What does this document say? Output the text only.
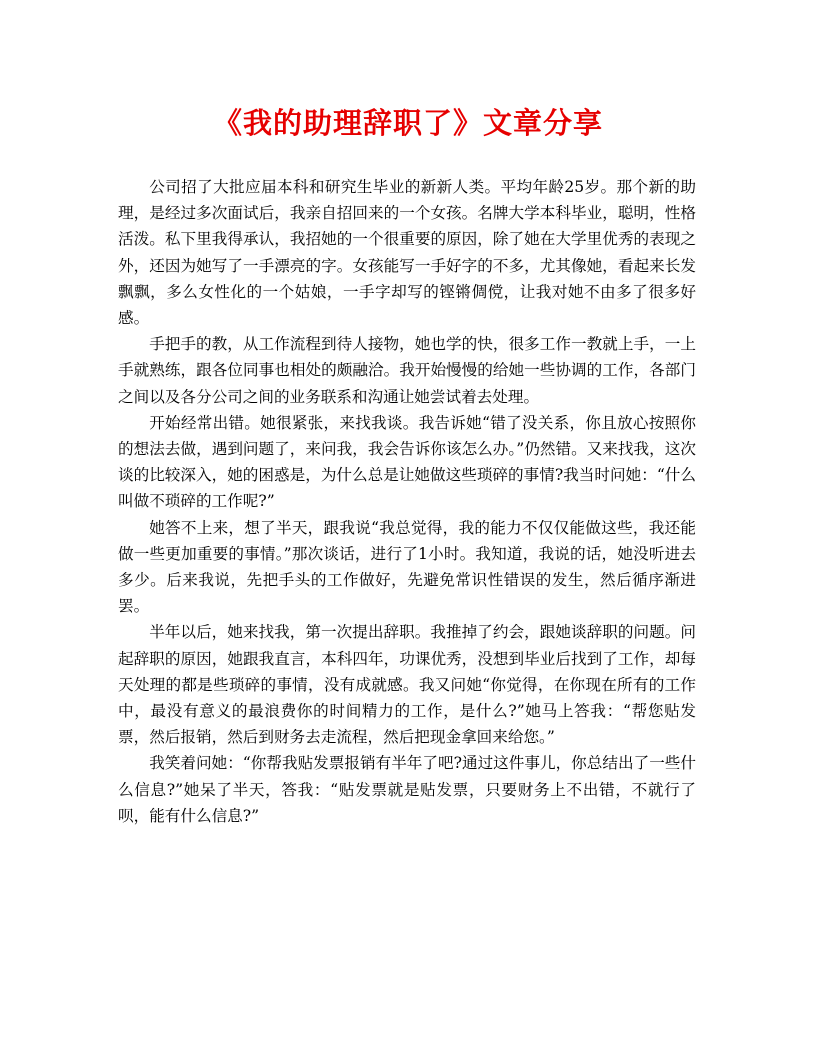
《我的助理辞职了》文章分享

公司招了大批应届本科和研究生毕业的新新人类。平均年龄25岁。那个新的助理，是经过多次面试后，我亲自招回来的一个女孩。名牌大学本科毕业，聪明，性格活泼。私下里我得承认，我招她的一个很重要的原因，除了她在大学里优秀的表现之外，还因为她写了一手漂亮的字。女孩能写一手好字的不多，尤其像她，看起来长发飘飘，多么女性化的一个姑娘，一手字却写的铿锵倜傥，让我对她不由多了很多好感。

手把手的教，从工作流程到待人接物，她也学的快，很多工作一教就上手，一上手就熟练，跟各位同事也相处的颇融洽。我开始慢慢的给她一些协调的工作，各部门之间以及各分公司之间的业务联系和沟通让她尝试着去处理。

开始经常出错。她很紧张，来找我谈。我告诉她“错了没关系，你且放心按照你的想法去做，遇到问题了，来问我，我会告诉你该怎么办。”仍然错。又来找我，这次谈的比较深入，她的困惑是，为什么总是让她做这些琐碎的事情?我当时问她：“什么叫做不琐碎的工作呢?”

她答不上来，想了半天，跟我说“我总觉得，我的能力不仅仅能做这些，我还能做一些更加重要的事情。”那次谈话，进行了1小时。我知道，我说的话，她没听进去多少。后来我说，先把手头的工作做好，先避免常识性错误的发生，然后循序渐进罢。

半年以后，她来找我，第一次提出辞职。我推掉了约会，跟她谈辞职的问题。问起辞职的原因，她跟我直言，本科四年，功课优秀，没想到毕业后找到了工作，却每天处理的都是些琐碎的事情，没有成就感。我又问她“你觉得，在你现在所有的工作中，最没有意义的最浪费你的时间精力的工作，是什么?”她马上答我：“帮您贴发票，然后报销，然后到财务去走流程，然后把现金拿回来给您。”

我笑着问她：“你帮我贴发票报销有半年了吧?通过这件事儿，你总结出了一些什么信息?”她呆了半天，答我：“贴发票就是贴发票，只要财务上不出错，不就行了呗，能有什么信息?”
